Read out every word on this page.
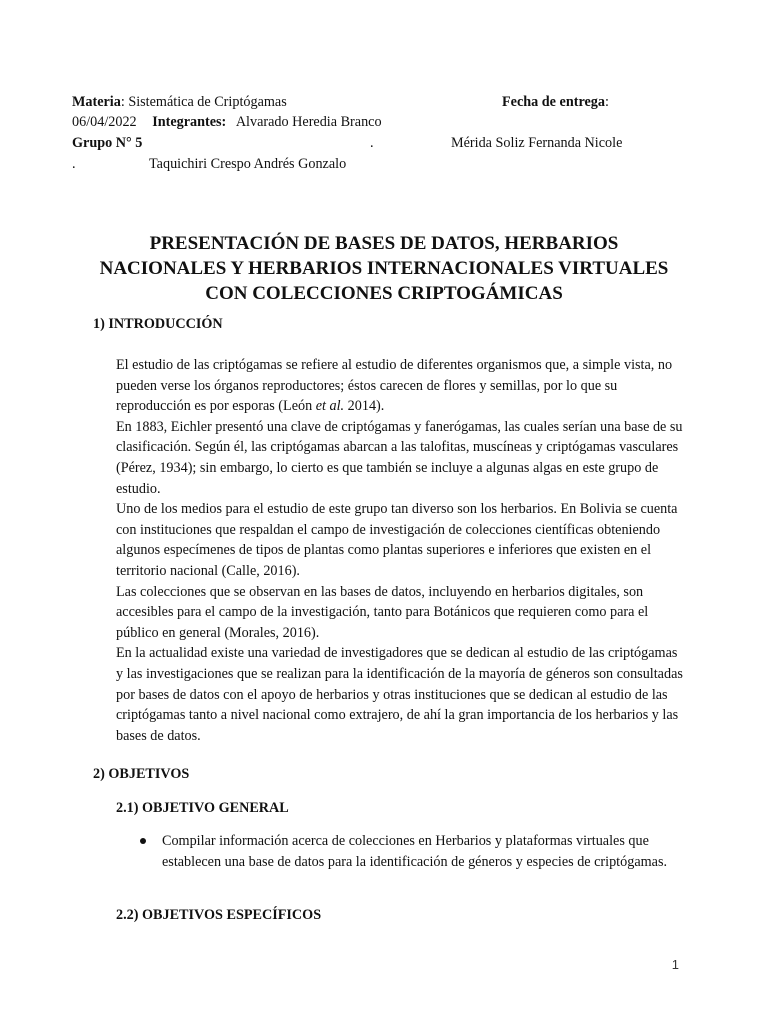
Materia: Sistemática de Criptógamas	Fecha de entrega:
06/04/2022 Integrantes: Alvarado Heredia Branco
Grupo N° 5	.	Mérida Soliz Fernanda Nicole
.	Taquichiri Crespo Andrés Gonzalo
PRESENTACIÓN DE BASES DE DATOS, HERBARIOS
NACIONALES Y HERBARIOS INTERNACIONALES VIRTUALES
CON COLECCIONES CRIPTOGÁMICAS
1) INTRODUCCIÓN

El estudio de las criptógamas se refiere al estudio de diferentes organismos que, a simple vista, no pueden verse los órganos reproductores; éstos carecen de flores y semillas, por lo que su reproducción es por esporas (León et al. 2014).

En 1883, Eichler presentó una clave de criptógamas y fanerógamas, las cuales serían una base de su clasificación. Según él, las criptógamas abarcan a las talofitas, muscíneas y criptógamas vasculares (Pérez, 1934); sin embargo, lo cierto es que también se incluye a algunas algas en este grupo de estudio.

Uno de los medios para el estudio de este grupo tan diverso son los herbarios. En Bolivia se cuenta con instituciones que respaldan el campo de investigación de colecciones científicas obteniendo algunos especímenes de tipos de plantas como plantas superiores e inferiores que existen en el territorio nacional (Calle, 2016).

Las colecciones que se observan en las bases de datos, incluyendo en herbarios digitales, son accesibles para el campo de la investigación, tanto para Botánicos que requieren como para el público en general (Morales, 2016).

En la actualidad existe una variedad de investigadores que se dedican al estudio de las criptógamas y las investigaciones que se realizan para la identificación de la mayoría de géneros son consultadas por bases de datos con el apoyo de herbarios y otras instituciones que se dedican al estudio de las criptógamas tanto a nivel nacional como extrajero, de ahí la gran importancia de los herbarios y las bases de datos.

2) OBJETIVOS
2.1) OBJETIVO GENERAL
Compilar información acerca de colecciones en Herbarios y plataformas virtuales que establecen una base de datos para la identificación de géneros y especies de criptógamas.
2.2) OBJETIVOS ESPECÍFICOS
1
